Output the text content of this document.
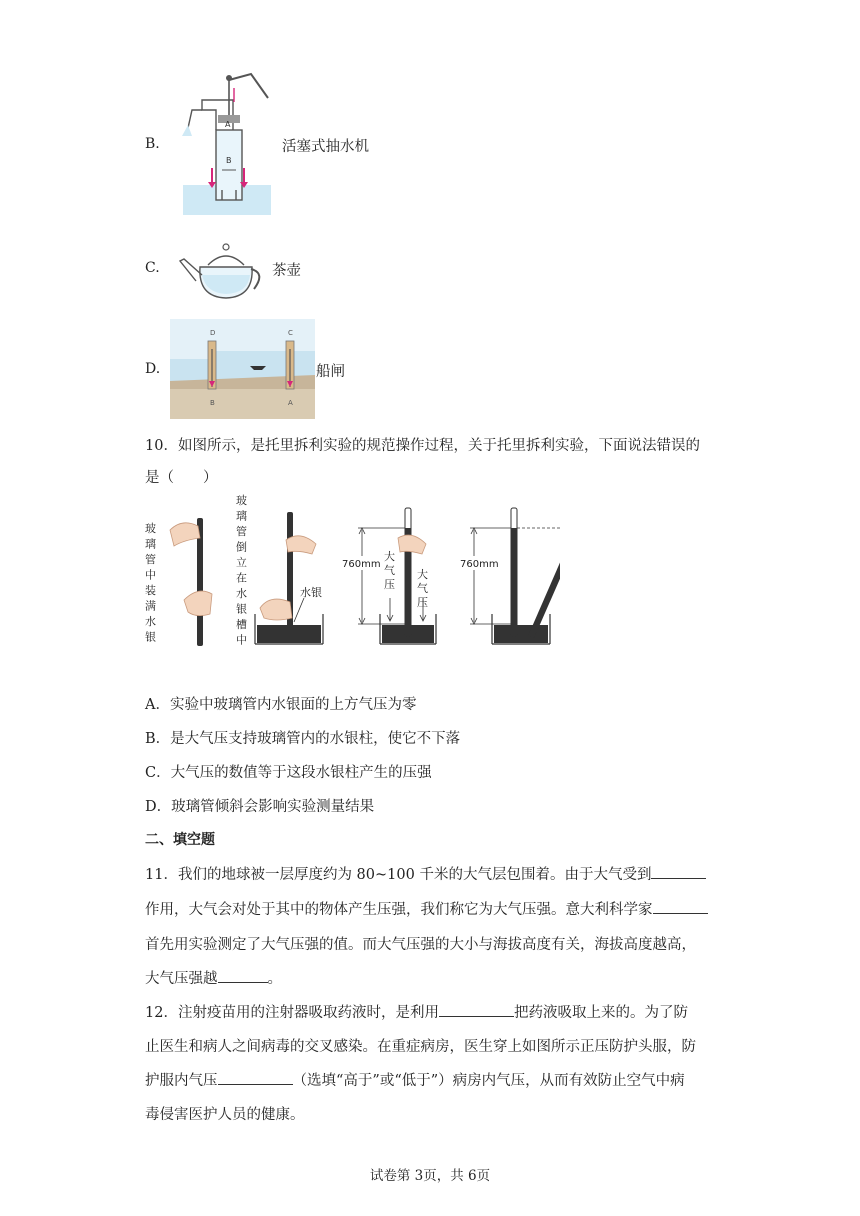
B.
A
B
活塞式抽水机
C.	茶壶
D.
D	C
B	A
船闸
10．如图所示，是托里拆利实验的规范操作过程，关于托里拆利实验，下面说法错误的
是（　　）
玻璃管中装满水银
玻璃管倒立在水银槽中
水银
760mm
大气压
大气压
760mm
A．实验中玻璃管内水银面的上方气压为零
B．是大气压支持玻璃管内的水银柱，使它不下落
C．大气压的数值等于这段水银柱产生的压强
D．玻璃管倾斜会影响实验测量结果
二、填空题
11．我们的地球被一层厚度约为 80~100 千米的大气层包围着。由于大气受到
作用，大气会对处于其中的物体产生压强，我们称它为大气压强。意大利科学家
首先用实验测定了大气压强的值。而大气压强的大小与海拔高度有关，海拔高度越高，
大气压强越	。
12．注射疫苗用的注射器吸取药液时，是利用	把药液吸取上来的。为了防
止医生和病人之间病毒的交叉感染。在重症病房，医生穿上如图所示正压防护头服，防
护服内气压	（选填“高于”或“低于”）病房内气压，从而有效防止空气中病
毒侵害医护人员的健康。
试卷第 3页，共 6页
